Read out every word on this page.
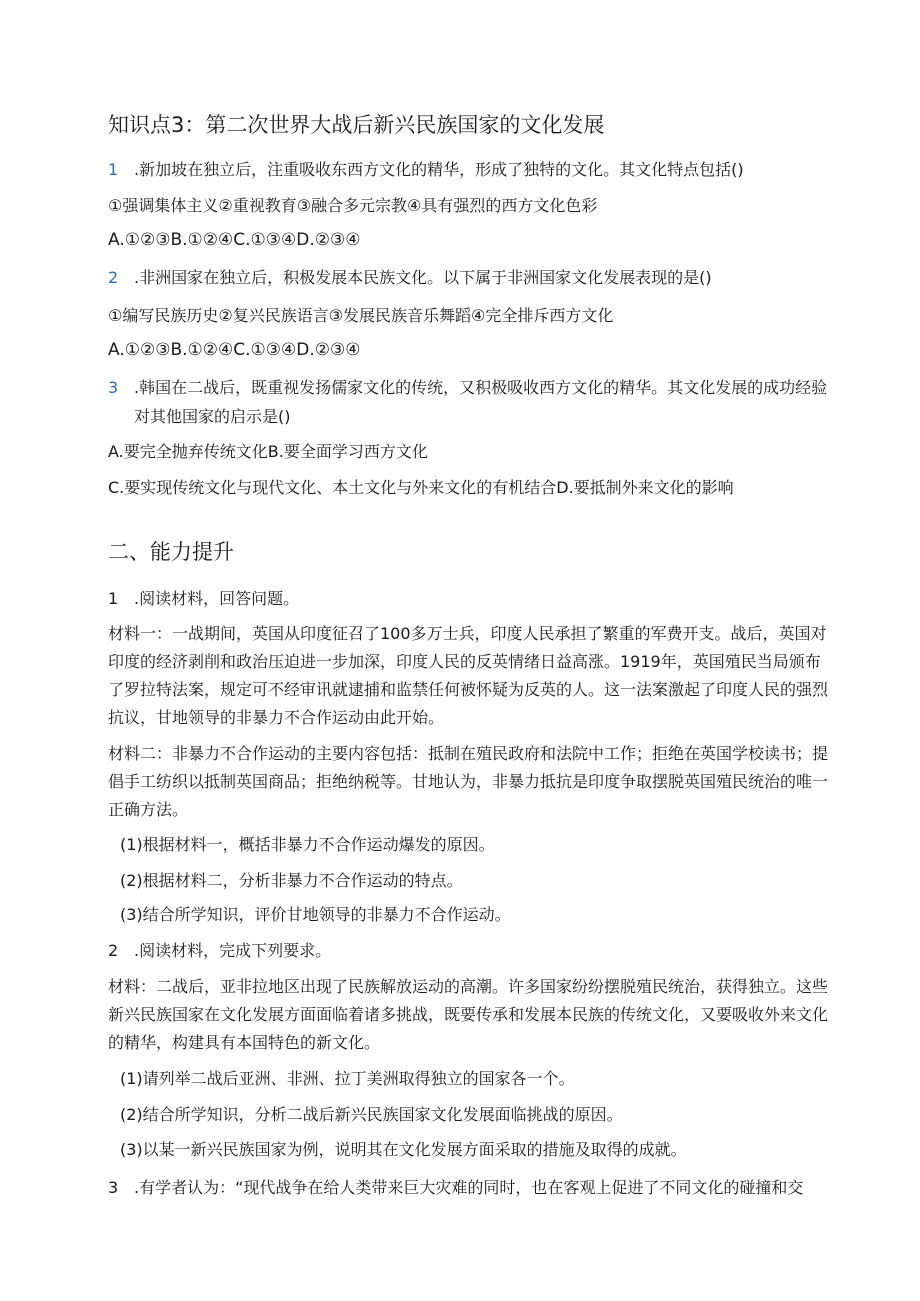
知识点3：第二次世界大战后新兴民族国家的文化发展
1 .新加坡在独立后，注重吸收东西方文化的精华，形成了独特的文化。其文化特点包括()
①强调集体主义②重视教育③融合多元宗教④具有强烈的西方文化色彩
A.①②③B.①②④C.①③④D.②③④
2 .非洲国家在独立后，积极发展本民族文化。以下属于非洲国家文化发展表现的是()
①编写民族历史②复兴民族语言③发展民族音乐舞蹈④完全排斥西方文化
A.①②③B.①②④C.①③④D.②③④
3 .韩国在二战后，既重视发扬儒家文化的传统，又积极吸收西方文化的精华。其文化发展的成功经验
对其他国家的启示是()
A.要完全抛弃传统文化B.要全面学习西方文化
C.要实现传统文化与现代文化、本土文化与外来文化的有机结合D.要抵制外来文化的影响
二、能力提升
1 .阅读材料，回答问题。
材料一：一战期间，英国从印度征召了100多万士兵，印度人民承担了繁重的军费开支。战后，英国对
印度的经济剥削和政治压迫进一步加深，印度人民的反英情绪日益高涨。1919年，英国殖民当局颁布
了罗拉特法案，规定可不经审讯就逮捕和监禁任何被怀疑为反英的人。这一法案激起了印度人民的强烈
抗议，甘地领导的非暴力不合作运动由此开始。
材料二：非暴力不合作运动的主要内容包括：抵制在殖民政府和法院中工作；拒绝在英国学校读书；提
倡手工纺织以抵制英国商品；拒绝纳税等。甘地认为，非暴力抵抗是印度争取摆脱英国殖民统治的唯一
正确方法。
(1)根据材料一，概括非暴力不合作运动爆发的原因。
(2)根据材料二，分析非暴力不合作运动的特点。
(3)结合所学知识，评价甘地领导的非暴力不合作运动。
2 .阅读材料，完成下列要求。
材料：二战后，亚非拉地区出现了民族解放运动的高潮。许多国家纷纷摆脱殖民统治，获得独立。这些
新兴民族国家在文化发展方面面临着诸多挑战，既要传承和发展本民族的传统文化，又要吸收外来文化
的精华，构建具有本国特色的新文化。
(1)请列举二战后亚洲、非洲、拉丁美洲取得独立的国家各一个。
(2)结合所学知识，分析二战后新兴民族国家文化发展面临挑战的原因。
(3)以某一新兴民族国家为例，说明其在文化发展方面采取的措施及取得的成就。
3 .有学者认为：“现代战争在给人类带来巨大灾难的同时，也在客观上促进了不同文化的碰撞和交
